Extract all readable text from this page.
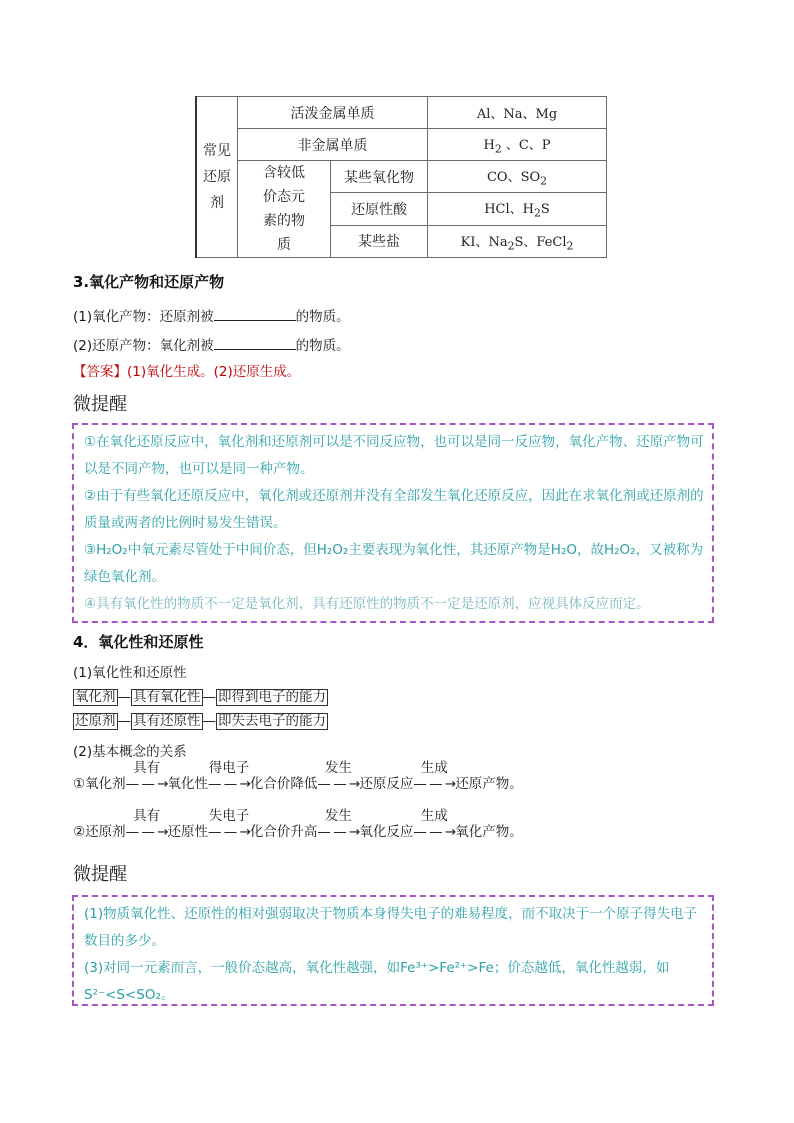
常见还原剂	活泼金属单质		Al、Na、Mg
	非金属单质		$H_2$ 、C、P
	含较低价态元素的物质	某些氧化物	CO、$SO_2$
		还原性酸	HCl、$H_2S$
		某些盐	KI、$Na_2S$、FeCl$_2$
3.氧化产物和还原产物
(1)氧化产物：还原剂被	的物质。
(2)还原产物：氧化剂被	的物质。
【答案】(1)氧化生成。(2)还原生成。
微提醒

①在氧化还原反应中，氧化剂和还原剂可以是不同反应物，也可以是同一反应物，氧化产物、还原产物可以是不同产物，也可以是同一种产物。

②由于有些氧化还原反应中，氧化剂或还原剂并没有全部发生氧化还原反应，因此在求氧化剂或还原剂的质量或两者的比例时易发生错误。

③H₂O₂中氧元素尽管处于中间价态，但H₂O₂主要表现为氧化性，其还原产物是H₂O，故H₂O₂，又被称为绿色氧化剂。

④具有氧化性的物质不一定是氧化剂，具有还原性的物质不一定是还原剂，应视具体反应而定。

4．氧化性和还原性
(1)氧化性和还原性
氧化剂 — 具有氧化性 — 即得到电子的能力
还原剂 — 具有还原性 — 即失去电子的能力
(2)基本概念的关系
①氧化剂
具有
— — → 氧化性
得电子
— — → 化合价降低
发生
— — → 还原反应
生成
— — → 还原产物。
②还原剂
具有
— — → 还原性
失电子
— — → 化合价升高
发生
— — → 氧化反应
生成
— — → 氧化产物。
微提醒

(1)物质氧化性、还原性的相对强弱取决于物质本身得失电子的难易程度，而不取决于一个原子得失电子数目的多少。

(3)对同一元素而言，一般价态越高，氧化性越强，如Fe³⁺>Fe²⁺>Fe；价态越低，氧化性越弱，如S²⁻<S<SO₂。
